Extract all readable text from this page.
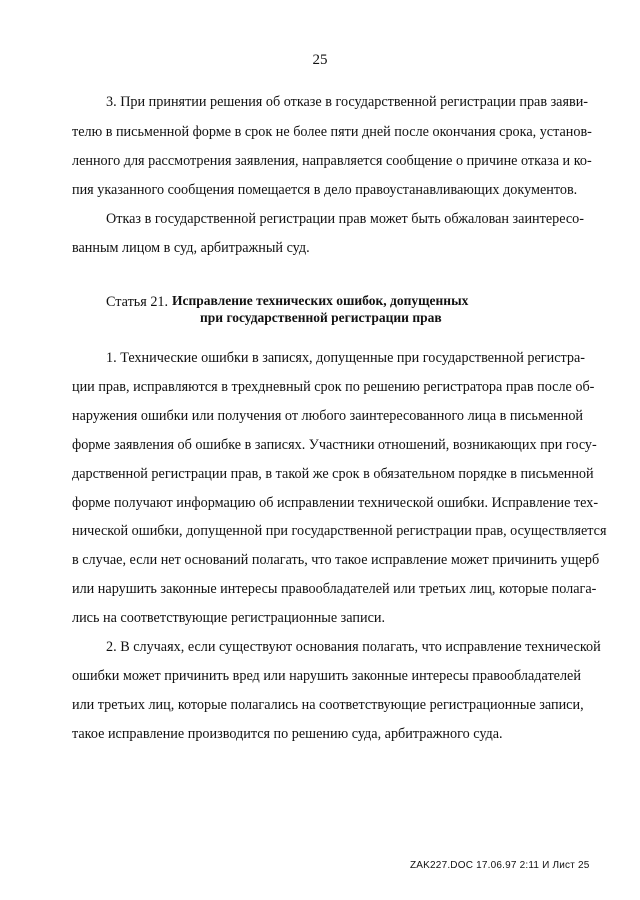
25
3. При принятии решения об отказе в государственной регистрации прав заяви-
телю в письменной форме в срок не более пяти дней после окончания срока, установ-
ленного для рассмотрения заявления, направляется сообщение о причине отказа и ко-
пия указанного сообщения помещается в дело правоустанавливающих документов.
Отказ в государственной регистрации прав может быть обжалован заинтересо-
ванным лицом в суд, арбитражный суд.
Статья 21. Исправление технических ошибок, допущенных
при государственной регистрации прав
1. Технические ошибки в записях, допущенные при государственной регистра-
ции прав, исправляются в трехдневный срок по решению регистратора прав после об-
наружения ошибки или получения от любого заинтересованного лица в письменной
форме заявления об ошибке в записях. Участники отношений, возникающих при госу-
дарственной регистрации прав, в такой же срок в обязательном порядке в письменной
форме получают информацию об исправлении технической ошибки. Исправление тех-
нической ошибки, допущенной при государственной регистрации прав, осуществляется
в случае, если нет оснований полагать, что такое исправление может причинить ущерб
или нарушить законные интересы правообладателей или третьих лиц, которые полага-
лись на соответствующие регистрационные записи.
2. В случаях, если существуют основания полагать, что исправление технической
ошибки может причинить вред или нарушить законные интересы правообладателей
или третьих лиц, которые полагались на соответствующие регистрационные записи,
такое исправление производится по решению суда, арбитражного суда.
ZAK227.DOC 17.06.97 2:11 И Лист 25
